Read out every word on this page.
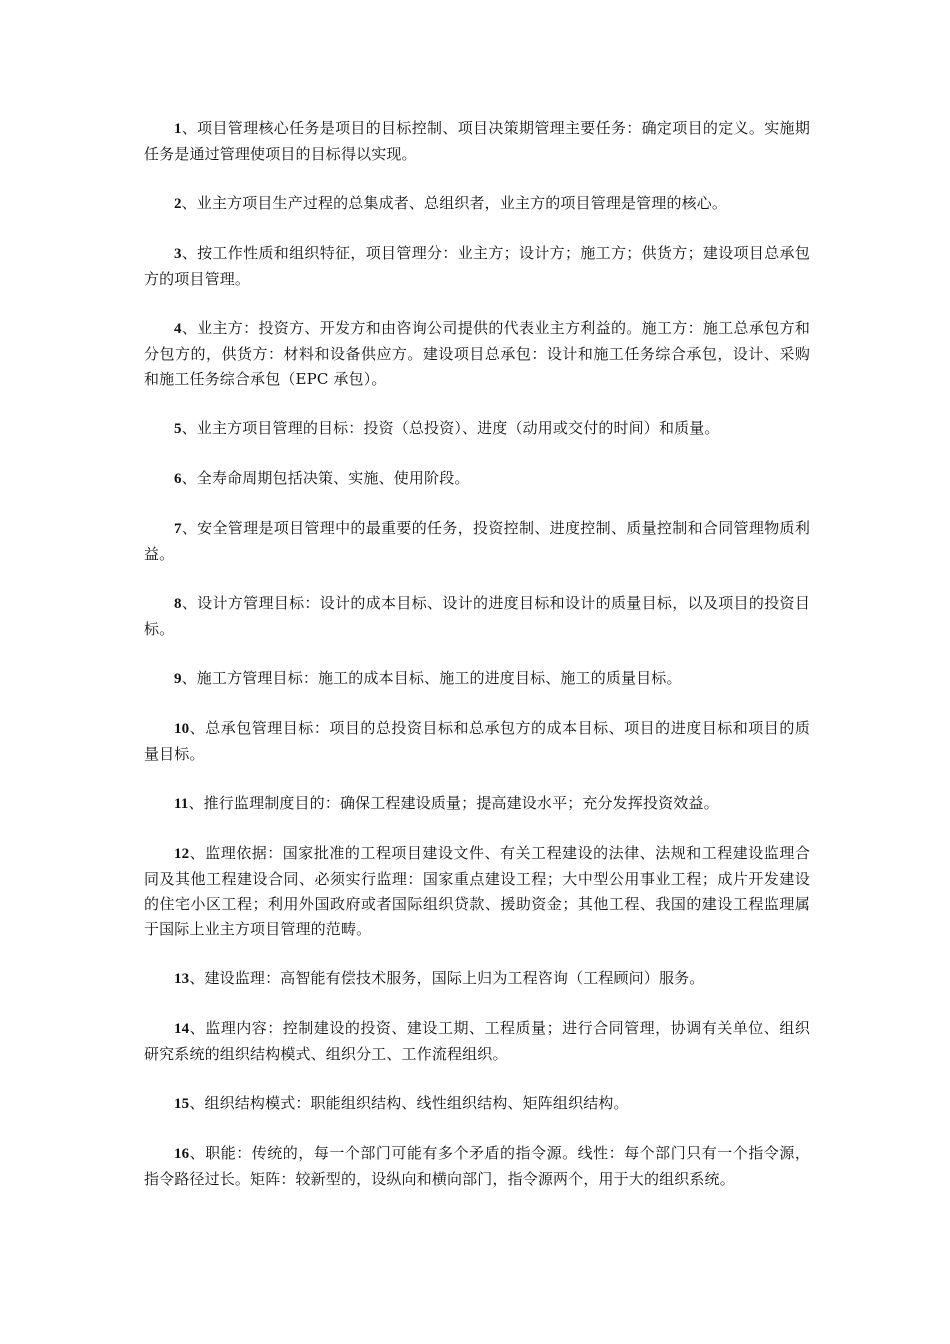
1、项目管理核心任务是项目的目标控制、项目决策期管理主要任务：确定项目的定义。实施期任务是通过管理使项目的目标得以实现。

2、业主方项目生产过程的总集成者、总组织者，业主方的项目管理是管理的核心。

3、按工作性质和组织特征，项目管理分：业主方；设计方；施工方；供货方；建设项目总承包方的项目管理。

4、业主方：投资方、开发方和由咨询公司提供的代表业主方利益的。施工方：施工总承包方和分包方的，供货方：材料和设备供应方。建设项目总承包：设计和施工任务综合承包，设计、采购和施工任务综合承包（EPC 承包）。

5、业主方项目管理的目标：投资（总投资）、进度（动用或交付的时间）和质量。

6、全寿命周期包括决策、实施、使用阶段。

7、安全管理是项目管理中的最重要的任务，投资控制、进度控制、质量控制和合同管理物质利益。

8、设计方管理目标：设计的成本目标、设计的进度目标和设计的质量目标，以及项目的投资目标。

9、施工方管理目标：施工的成本目标、施工的进度目标、施工的质量目标。

10、总承包管理目标：项目的总投资目标和总承包方的成本目标、项目的进度目标和项目的质量目标。

11、推行监理制度目的：确保工程建设质量；提高建设水平；充分发挥投资效益。

12、监理依据：国家批准的工程项目建设文件、有关工程建设的法律、法规和工程建设监理合同及其他工程建设合同、必须实行监理：国家重点建设工程；大中型公用事业工程；成片开发建设的住宅小区工程；利用外国政府或者国际组织贷款、援助资金；其他工程、我国的建设工程监理属于国际上业主方项目管理的范畴。

13、建设监理：高智能有偿技术服务，国际上归为工程咨询（工程顾问）服务。

14、监理内容：控制建设的投资、建设工期、工程质量；进行合同管理，协调有关单位、组织研究系统的组织结构模式、组织分工、工作流程组织。

15、组织结构模式：职能组织结构、线性组织结构、矩阵组织结构。

16、职能：传统的，每一个部门可能有多个矛盾的指令源。线性：每个部门只有一个指令源，指令路径过长。矩阵：较新型的，设纵向和横向部门，指令源两个，用于大的组织系统。
